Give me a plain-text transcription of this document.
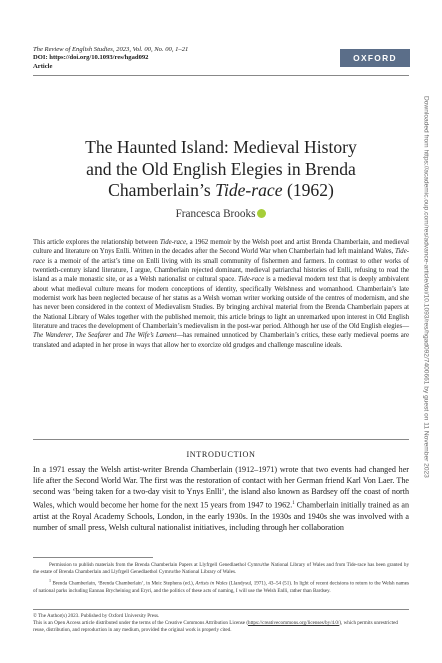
The Review of English Studies, 2023, Vol. 00, No. 00, 1–21
DOI: https://doi.org/10.1093/res/hgad092
Article
OXFORD
The Haunted Island: Medieval History
and the Old English Elegies in Brenda
Chamberlain’s Tide-race (1962)
Francesca Brooks
This article explores the relationship between Tide-race, a 1962 memoir by the Welsh poet and artist Brenda Chamberlain, and medieval culture and literature on Ynys Enlli. Written in the decades after the Second World War when Chamberlain had left mainland Wales, Tide-race is a memoir of the artist’s time on Enlli living with its small community of fishermen and farmers. In contrast to other works of twentieth-century island literature, I argue, Chamberlain rejected dominant, medieval patriarchal histories of Enlli, refusing to read the island as a male monastic site, or as a Welsh nationalist or cultural space. Tide-race is a medieval modern text that is deeply ambivalent about what medieval culture means for modern conceptions of identity, specifically Welshness and womanhood. Chamberlain’s late modernist work has been neglected because of her status as a Welsh woman writer working outside of the centres of modernism, and she has never been considered in the context of Medievalism Studies. By bringing archival material from the Brenda Chamberlain papers at the National Library of Wales together with the published memoir, this article brings to light an unremarked upon interest in Old English literature and traces the development of Chamberlain’s medievalism in the post-war period. Although her use of the Old English elegies—The Wanderer, The Seafarer and The Wife’s Lament—has remained unnoticed by Chamberlain’s critics, these early medieval poems are translated and adapted in her prose in ways that allow her to exorcize old grudges and challenge masculine ideals.
INTRODUCTION
In a 1971 essay the Welsh artist-writer Brenda Chamberlain (1912–1971) wrote that two events had changed her life after the Second World War. The first was the restoration of contact with her German friend Karl Von Laer. The second was ‘being taken for a two-day visit to Ynys Enlli’, the island also known as Bardsey off the coast of north Wales, which would become her home for the next 15 years from 1947 to 1962.$^1$ Chamberlain initially trained as an artist at the Royal Academy Schools, London, in the early 1930s. In the 1930s and 1940s she was involved with a number of small press, Welsh cultural nationalist initiatives, including through her collaboration

Permission to publish materials from the Brenda Chamberlain Papers at Llyfrgell Genedlaethol Cymru/the National Library of Wales and from Tide-race has been granted by the estate of Brenda Chamberlain and Llyfrgell Genedlaethol Cymru/the National Library of Wales.

$^1$ Brenda Chamberlain, ‘Brenda Chamberlain’, in Meic Stephens (ed.), Artists in Wales (Llandysul, 1971), 43–54 (51). In light of recent decisions to return to the Welsh names of national parks including Eannau Brycheiniog and Eryri, and the politics of these acts of naming, I will use the Welsh Enlli, rather than Bardsey.

© The Author(s) 2023. Published by Oxford University Press.
This is an Open Access article distributed under the terms of the Creative Commons Attribution License (https://creativecommons.org/licenses/by/4.0/), which permits unrestricted reuse, distribution, and reproduction in any medium, provided the original work is properly cited.
Downloaded from https://academic.oup.com/res/advance-article/doi/10.1093/res/hgad092/7400661 by guest on 11 November 2023
